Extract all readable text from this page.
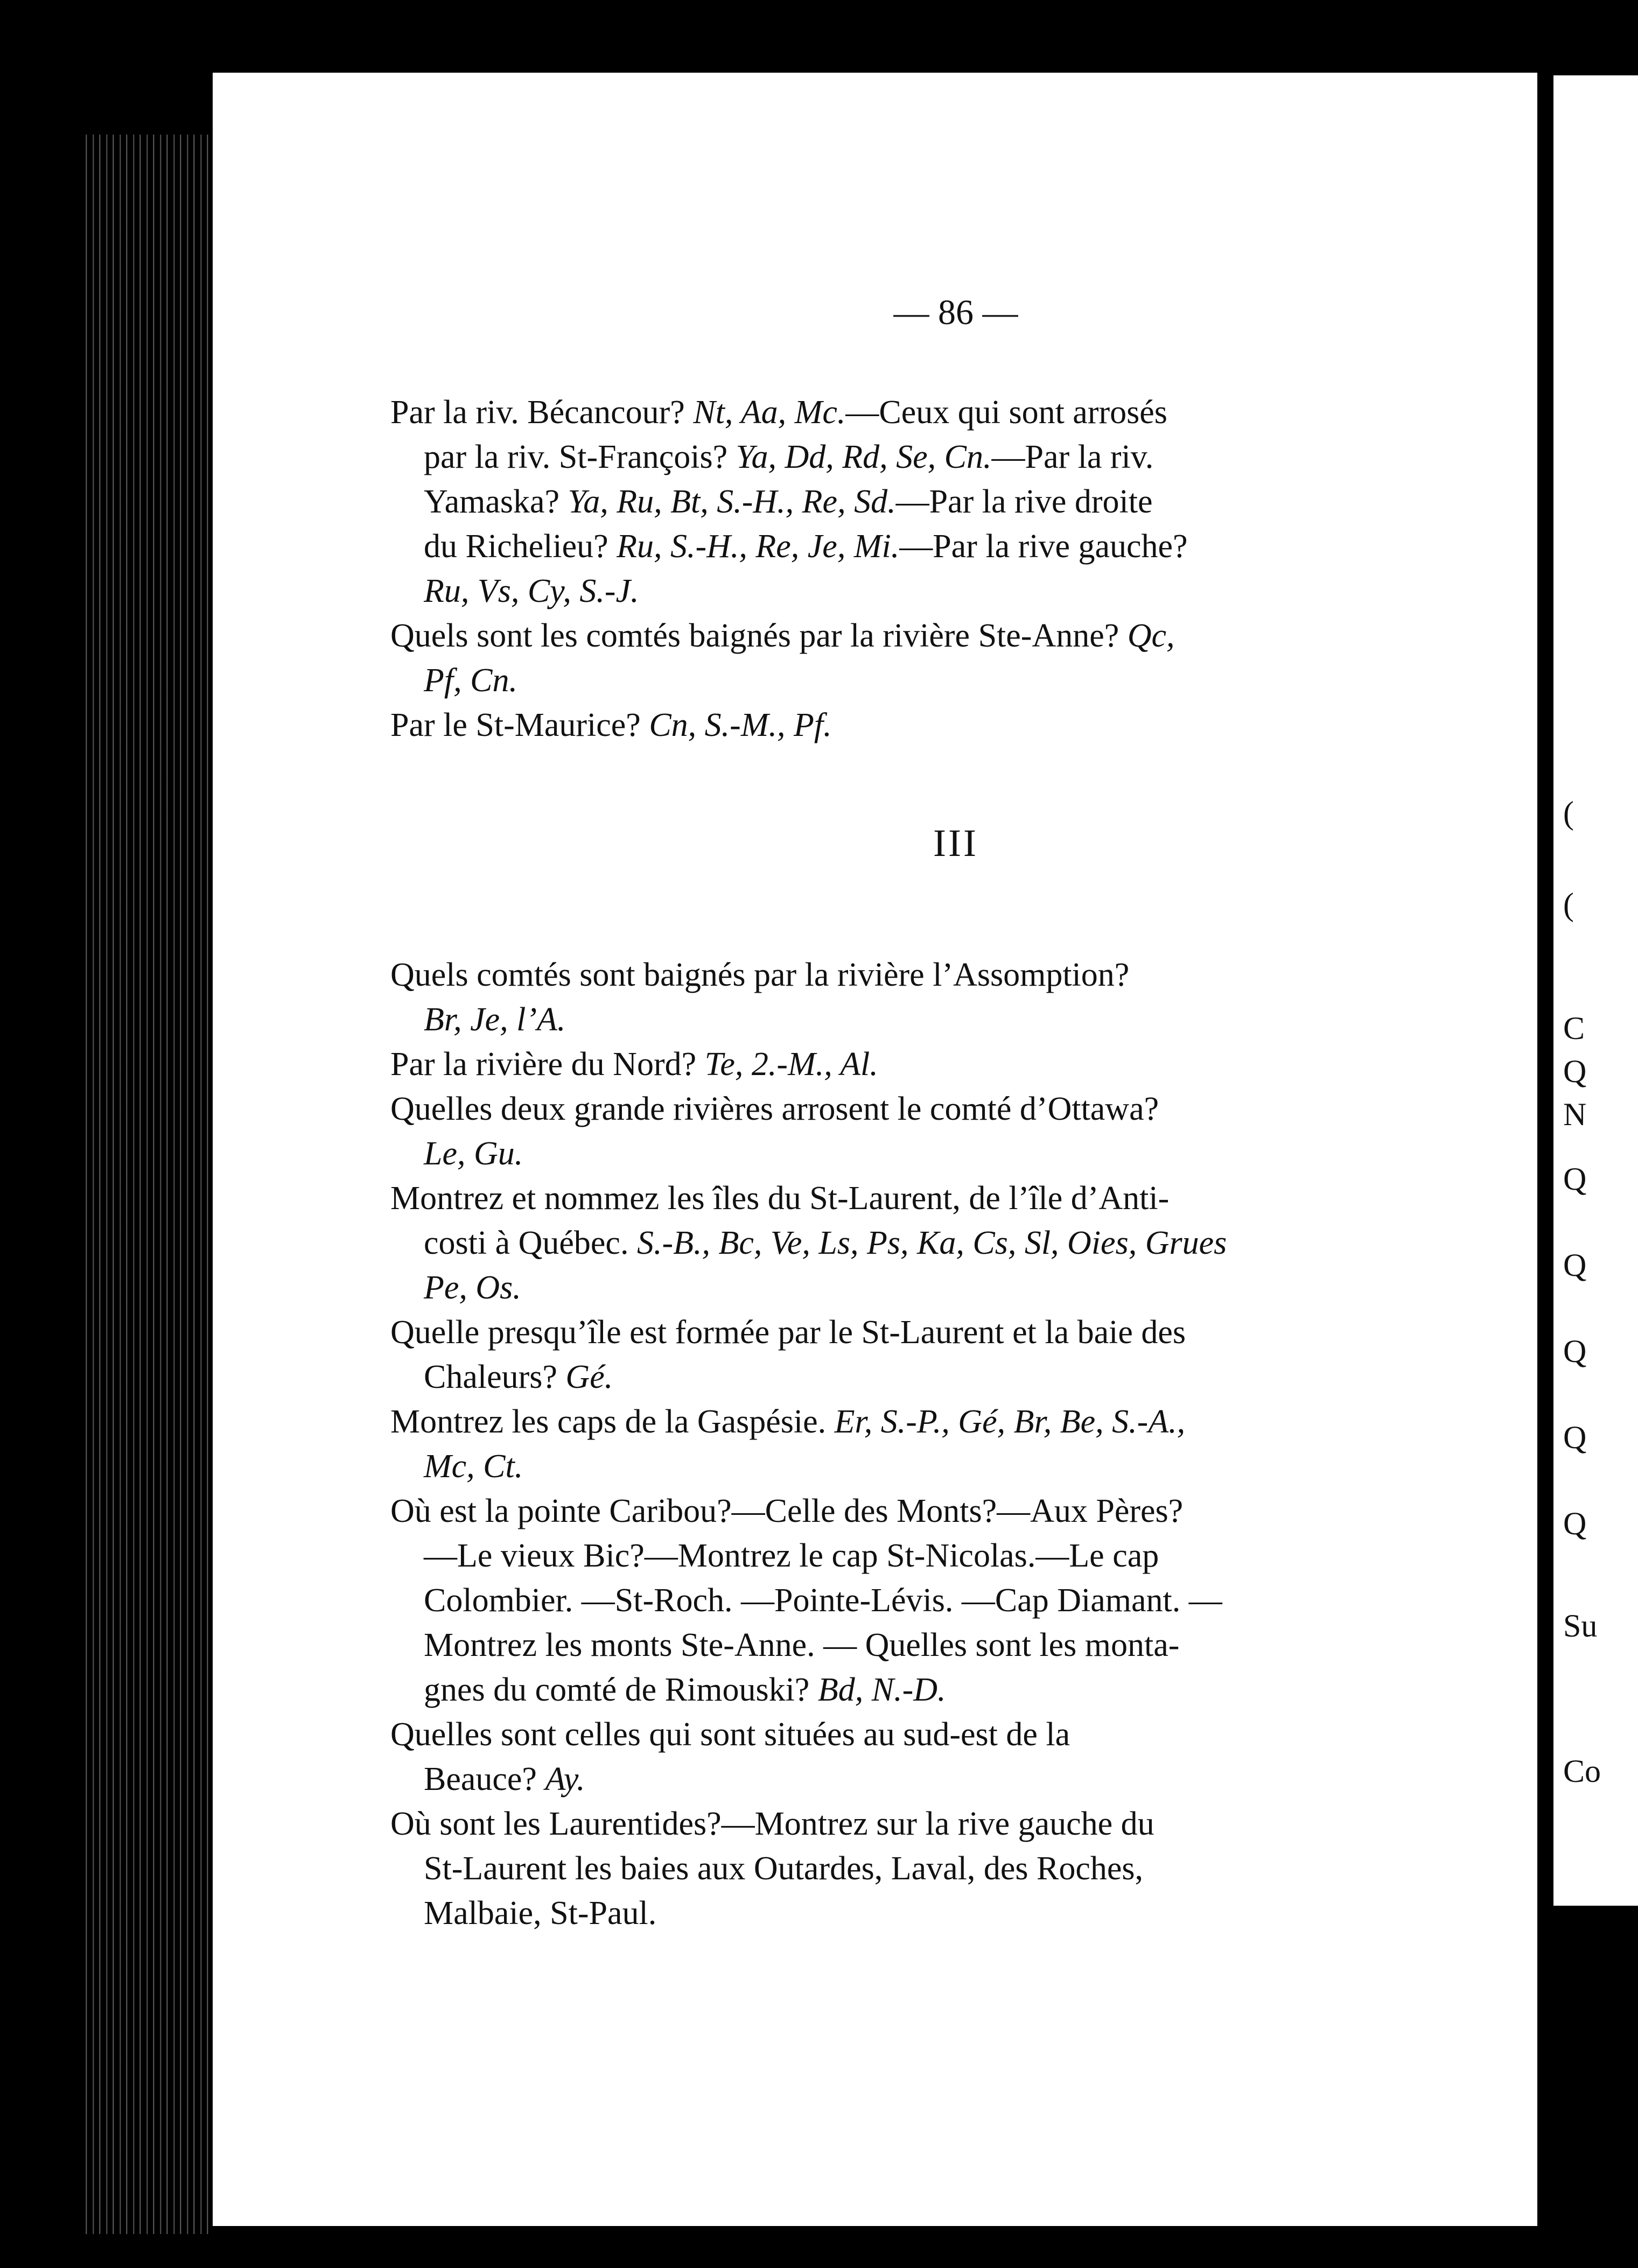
— 86 —

Par la riv. Bécancour? Nt, Aa, Mc.—Ceux qui sont arrosés
par la riv. St-François? Ya, Dd, Rd, Se, Cn.—Par la riv.
Yamaska? Ya, Ru, Bt, S.-H., Re, Sd.—Par la rive droite
du Richelieu? Ru, S.-H., Re, Je, Mi.—Par la rive gauche?
Ru, Vs, Cy, S.-J.

Quels sont les comtés baignés par la rivière Ste-Anne? Qc,
Pf, Cn.

Par le St-Maurice? Cn, S.-M., Pf.

III

Quels comtés sont baignés par la rivière l’Assomption?
Br, Je, l’A.

Par la rivière du Nord? Te, 2.-M., Al.

Quelles deux grande rivières arrosent le comté d’Ottawa?
Le, Gu.

Montrez et nommez les îles du St-Laurent, de l’île d’Anti-
costi à Québec. S.-B., Bc, Ve, Ls, Ps, Ka, Cs, Sl, Oies, Grues
Pe, Os.

Quelle presqu’île est formée par le St-Laurent et la baie des
Chaleurs? Gé.

Montrez les caps de la Gaspésie. Er, S.-P., Gé, Br, Be, S.-A.,
Mc, Ct.

Où est la pointe Caribou?—Celle des Monts?—Aux Pères?
—Le vieux Bic?—Montrez le cap St-Nicolas.—Le cap
Colombier. —St-Roch. —Pointe-Lévis. —Cap Diamant. —
Montrez les monts Ste-Anne. — Quelles sont les monta-
gnes du comté de Rimouski? Bd, N.-D.

Quelles sont celles qui sont situées au sud-est de la
Beauce? Ay.

Où sont les Laurentides?—Montrez sur la rive gauche du
St-Laurent les baies aux Outardes, Laval, des Roches,
Malbaie, St-Paul.

(
(
C
Q
N
Q
Q
Q
Q
Q
Su
Co
